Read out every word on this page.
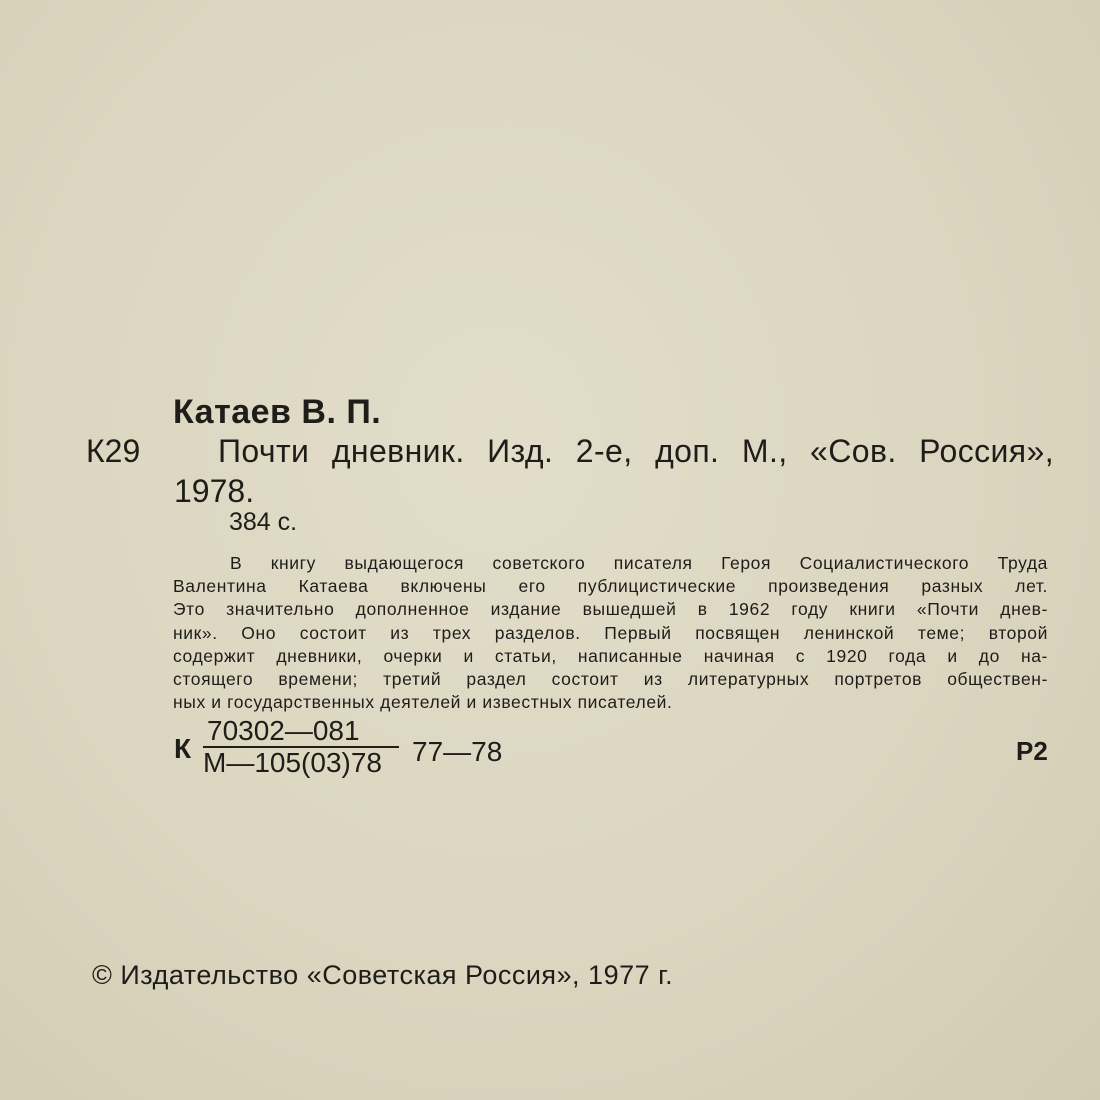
Катаев В. П.
К29 Почти дневник. Изд. 2-е, доп. М., «Сов. Россия»,
1978.
384 с.
В книгу выдающегося советского писателя Героя Социалистического Труда
Валентина Катаева включены его публицистические произведения разных лет.
Это значительно дополненное издание вышедшей в 1962 году книги «Почти днев-
ник». Оно состоит из трех разделов. Первый посвящен ленинской теме; второй
содержит дневники, очерки и статьи, написанные начиная с 1920 года и до на-
стоящего времени; третий раздел состоит из литературных портретов обществен-
ных и государственных деятелей и известных писателей.
К
70302—081
М—105(03)78	77—78	Р2
© Издательство «Советская Россия», 1977 г.
